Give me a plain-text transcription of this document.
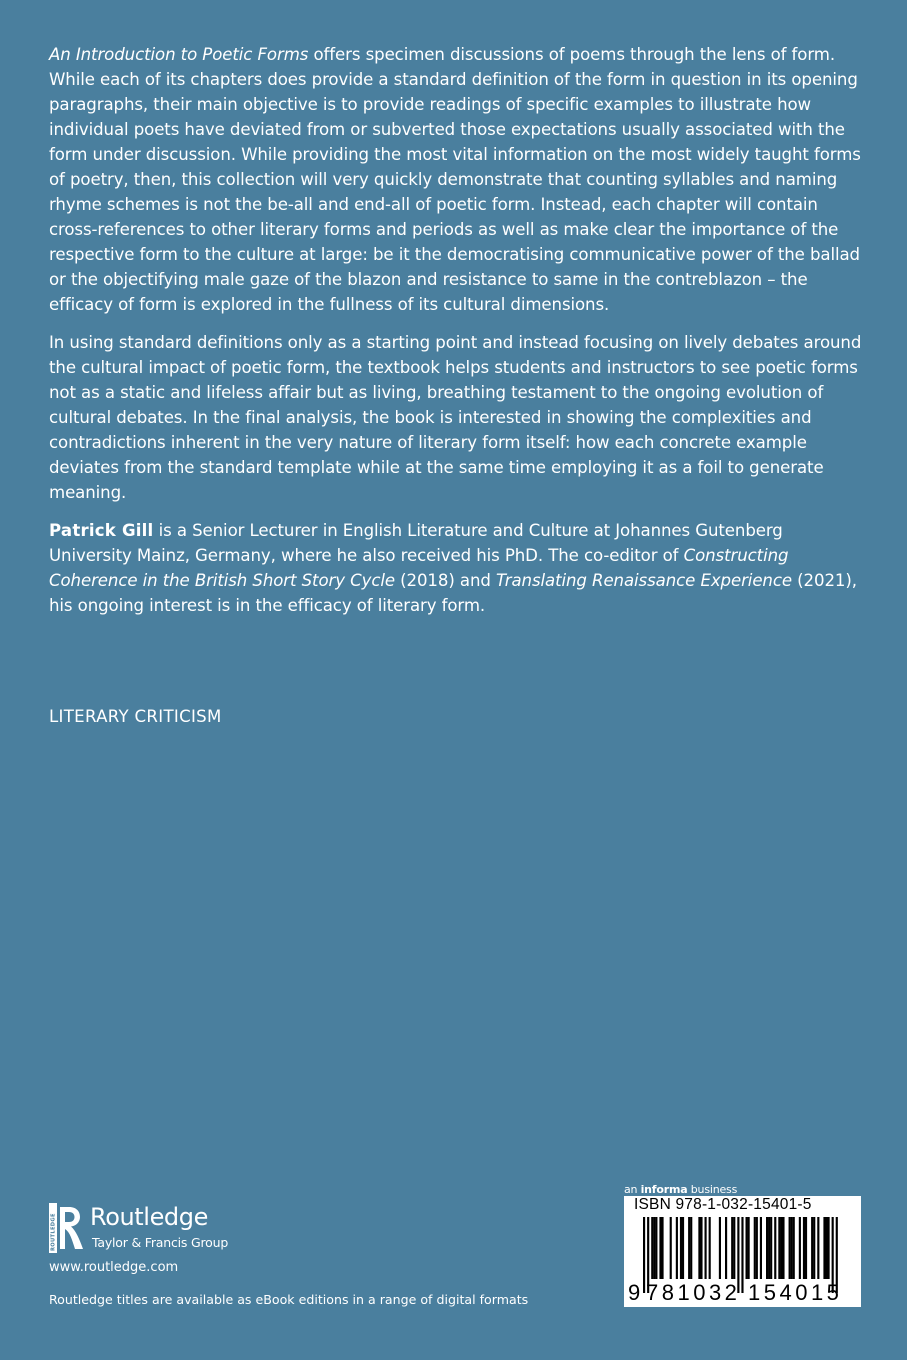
An Introduction to Poetic Forms offers specimen discussions of poems through the lens of form. While each of its chapters does provide a standard definition of the form in question in its opening paragraphs, their main objective is to provide readings of specific examples to illustrate how individual poets have deviated from or subverted those expectations usually associated with the form under discussion. While providing the most vital information on the most widely taught forms of poetry, then, this collection will very quickly demonstrate that counting syllables and naming rhyme schemes is not the be-all and end-all of poetic form. Instead, each chapter will contain cross-references to other literary forms and periods as well as make clear the importance of the respective form to the culture at large: be it the democratising communicative power of the ballad or the objectifying male gaze of the blazon and resistance to same in the contreblazon – the efficacy of form is explored in the fullness of its cultural dimensions.

In using standard definitions only as a starting point and instead focusing on lively debates around the cultural impact of poetic form, the textbook helps students and instructors to see poetic forms not as a static and lifeless affair but as living, breathing testament to the ongoing evolution of cultural debates. In the final analysis, the book is interested in showing the complexities and contradictions inherent in the very nature of literary form itself: how each concrete example deviates from the standard template while at the same time employing it as a foil to generate meaning.

Patrick Gill is a Senior Lecturer in English Literature and Culture at Johannes Gutenberg University Mainz, Germany, where he also received his PhD. The co-editor of Constructing Coherence in the British Short Story Cycle (2018) and Translating Renaissance Experience (2021), his ongoing interest is in the efficacy of literary form.

LITERARY CRITICISM
ROUTLEDGE Routledge
Taylor & Francis Group
www.routledge.com
Routledge titles are available as eBook editions in a range of digital formats
an informa business
ISBN 978-1-032-15401-5
9 781032 154015
